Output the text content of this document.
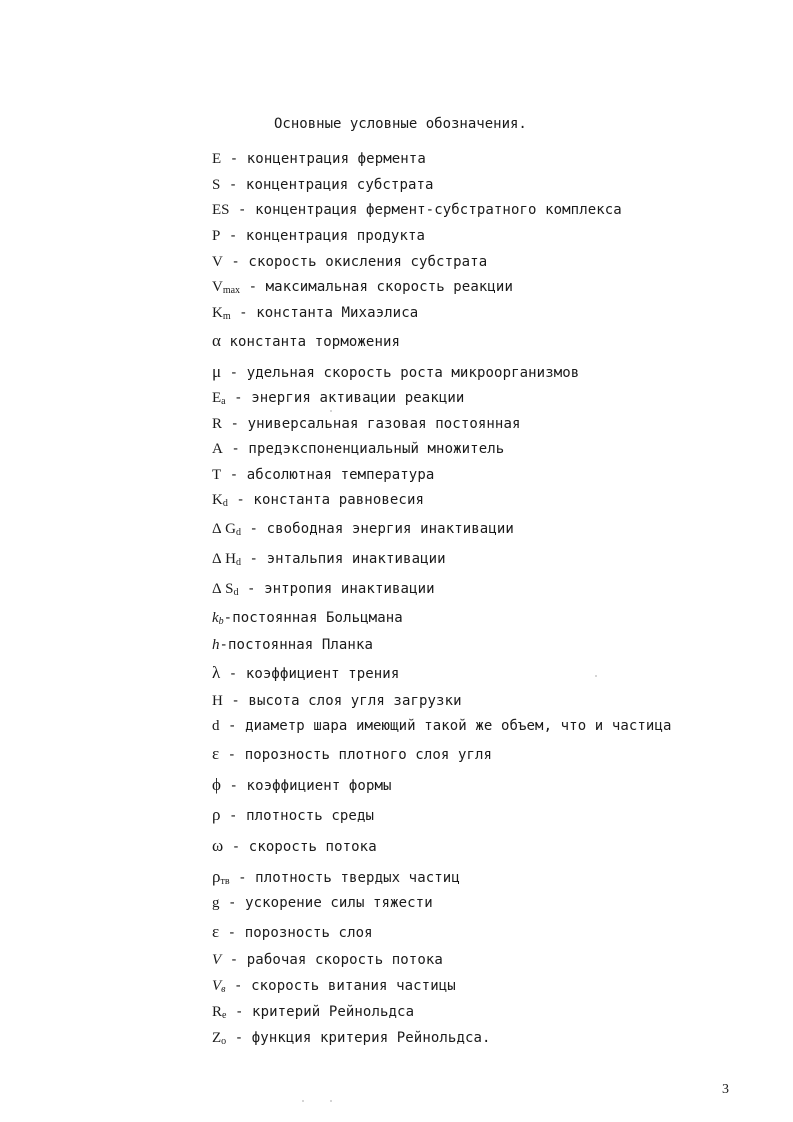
Основные условные обозначения.
E - концентрация фермента
S - концентрация субстрата
ES - концентрация фермент-субстратного комплекса
P - концентрация продукта
V - скорость окисления субстрата
$V_{max}$ - максимальная скорость реакции
$K_m$ - константа Михаэлиса
α константа торможения
μ - удельная скорость роста микроорганизмов
$E_a$ - энергия активации реакции
R - универсальная газовая постоянная
A - предэкспоненциальный множитель
T - абсолютная температура
$K_d$ - константа равновесия
Δ $G_d$ - свободная энергия инактивации
Δ $H_d$ - энтальпия инактивации
Δ $S_d$ - энтропия инактивации
$k_b$-постоянная Больцмана
h-постоянная Планка
λ - коэффициент трения
H - высота слоя угля загрузки
d - диаметр шара имеющий такой же объем, что и частица
ε - порозность плотного слоя угля
ϕ - коэффициент формы
ρ - плотность среды
ω - скорость потока
$\rho_{тв}$ - плотность твердых частиц
g - ускорение силы тяжести
ε - порозность слоя
V - рабочая скорость потока
$V_в$ - скорость витания частицы
$R_e$ - критерий Рейнольдса
$Z_o$ - функция критерия Рейнольдса.
3
